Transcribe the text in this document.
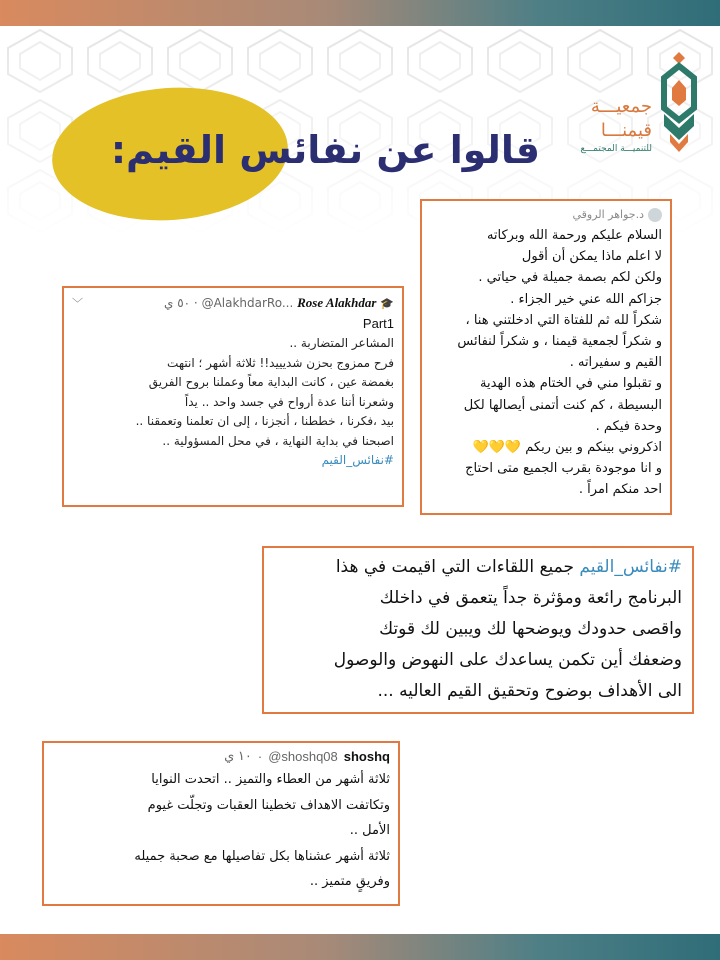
قالوا عن نفائس القيم:
جمعيـــة
قيمنـــا
للتنميـــة المجتمـــع
د.جواهر الروقي
السلام عليكم ورحمة الله وبركاته
لا اعلم ماذا يمكن أن أقول
ولكن لكم بصمة جميلة في حياتي .
جزاكم الله عني خير الجزاء .
شكراً لله ثم للفتاة التي ادخلتني هنا ،
و شكراً لجمعية قيمنا ، و شكراً لنفائس
القيم و سفيراته .
و تقبلوا مني في الختام هذه الهدية
البسيطة ، كم كنت أتمنى أيصالها لكل
وحدة فيكم .
اذكروني بينكم و بين ربكم 💛💛💛
و انا موجودة بقرب الجميع متى احتاج
احد منكم امراً .
﹀	٥٠ ي · @AlakhdarRo... Rose Alakhdar 🎓
Part1
المشاعر المتضاربة ..
فرح ممزوج بحزن شديييد!! ثلاثة أشهر ؛ انتهت
بغمضة عين ، كانت البداية معاً وعملنا بروح الفريق
وشعرنا أننا عدة أرواح في جسد واحد .. يداً
بيد ،فكرنا ، خططنا ، أنجزنا ، إلى ان تعلمنا وتعمقنا ..
اصبحنا في بداية النهاية ، في محل المسؤولية ..
#نفائس_القيم
#نفائس_القيم جميع اللقاءات التي اقيمت في هذا
البرنامج رائعة ومؤثرة جداً يتعمق في داخلك
واقصى حدودك ويوضحها لك ويبين لك قوتك
وضعفك أين تكمن يساعدك على النهوض والوصول
الى الأهداف بوضوح وتحقيق القيم العاليه ...
١٠ ي · @shoshq08 shoshq
ثلاثة أشهر من العطاء والتميز .. اتحدت النوايا
وتكاتفت الاهداف تخطينا العقبات وتجلّت غيوم
الأمل ..
ثلاثة أشهر عشناها بكل تفاصيلها مع صحبة جميله
وفريقٍ متميز ..
